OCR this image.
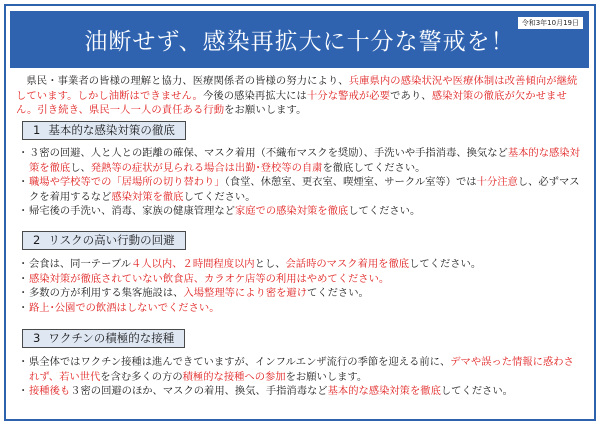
油断せず、感染再拡大に十分な警戒を！
令和3年10月19日
　県民・事業者の皆様の理解と協力、医療関係者の皆様の努力により、兵庫県内の感染状況や医療体制は改善傾向が継続しています。しかし油断はできません。今後の感染再拡大には十分な警戒が必要であり、感染対策の徹底が欠かせません。引き続き、県民一人一人の責任ある行動をお願いします。
1 基本的な感染対策の徹底
・ ３密の回避、人と人との距離の確保、マスク着用（不織布マスクを奨励）、手洗いや手指消毒、換気など基本的な感染対策を徹底し、発熱等の症状が見られる場合は出勤･登校等の自粛を徹底してください。
・ 職場や学校等での「居場所の切り替わり」（食堂、休憩室、更衣室、喫煙室、サークル室等）では十分注意し、必ずマスクを着用するなど感染対策を徹底してください。
・ 帰宅後の手洗い、消毒、家族の健康管理など家庭での感染対策を徹底してください。
2 リスクの高い行動の回避
・ 会食は、同一テーブル４人以内、２時間程度以内とし、会話時のマスク着用を徹底してください。
・ 感染対策が徹底されていない飲食店、カラオケ店等の利用はやめてください。
・ 多数の方が利用する集客施設は、入場整理等により密を避けてください。
・ 路上･公園での飲酒はしないでください。
3 ワクチンの積極的な接種
・ 県全体ではワクチン接種は進んできていますが、インフルエンザ流行の季節を迎える前に、デマや誤った情報に惑わされず、若い世代を含む多くの方の積極的な接種への参加をお願いします。
・ 接種後も３密の回避のほか、マスクの着用、換気、手指消毒など基本的な感染対策を徹底してください。
